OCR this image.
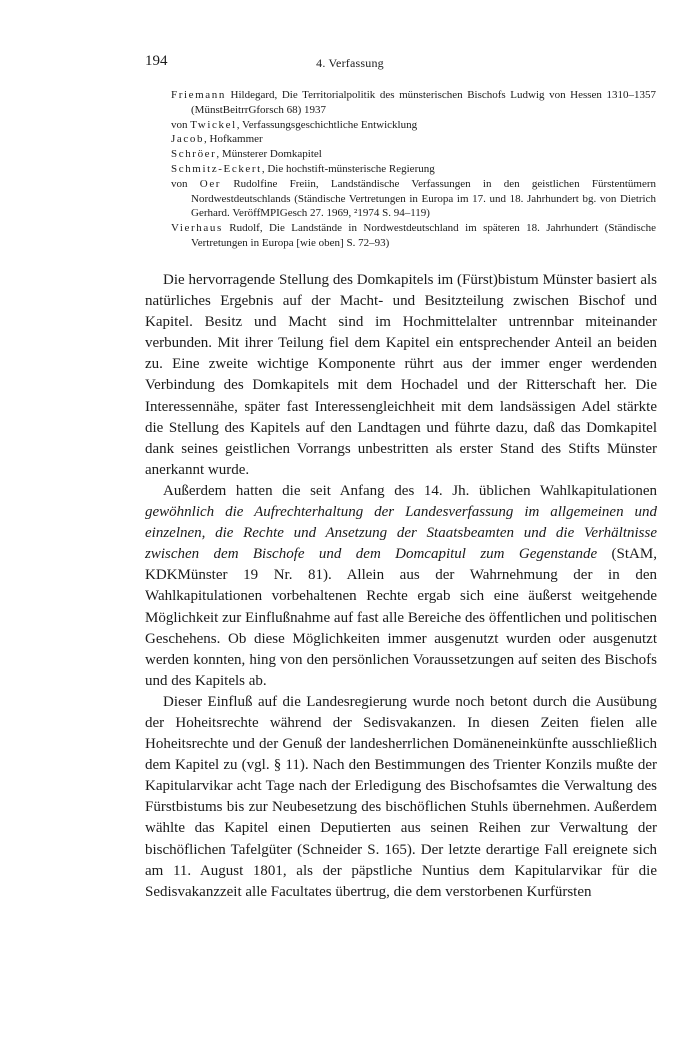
194	4. Verfassung

Friemann Hildegard, Die Territorialpolitik des münsterischen Bischofs Ludwig von Hessen 1310–1357 (MünstBeitrrGforsch 68) 1937

von Twickel, Verfassungsgeschichtliche Entwicklung

Jacob, Hofkammer

Schröer, Münsterer Domkapitel

Schmitz-Eckert, Die hochstift-münsterische Regierung

von Oer Rudolfine Freiin, Landständische Verfassungen in den geistlichen Fürstentümern Nordwestdeutschlands (Ständische Vertretungen in Europa im 17. und 18. Jahrhundert bg. von Dietrich Gerhard. VeröffMPIGesch 27. 1969, ²1974 S. 94–119)

Vierhaus Rudolf, Die Landstände in Nordwestdeutschland im späteren 18. Jahrhundert (Ständische Vertretungen in Europa [wie oben] S. 72–93)

Die hervorragende Stellung des Domkapitels im (Fürst)bistum Münster basiert als natürliches Ergebnis auf der Macht- und Besitzteilung zwischen Bischof und Kapitel. Besitz und Macht sind im Hochmittelalter untrennbar miteinander verbunden. Mit ihrer Teilung fiel dem Kapitel ein entsprechender Anteil an beiden zu. Eine zweite wichtige Komponente rührt aus der immer enger werdenden Verbindung des Domkapitels mit dem Hochadel und der Ritterschaft her. Die Interessennähe, später fast Interessengleichheit mit dem landsässigen Adel stärkte die Stellung des Kapitels auf den Landtagen und führte dazu, daß das Domkapitel dank seines geistlichen Vorrangs unbestritten als erster Stand des Stifts Münster anerkannt wurde.

Außerdem hatten die seit Anfang des 14. Jh. üblichen Wahlkapitulationen gewöhnlich die Aufrechterhaltung der Landesverfassung im allgemeinen und einzelnen, die Rechte und Ansetzung der Staatsbeamten und die Verhältnisse zwischen dem Bischofe und dem Domcapitul zum Gegenstande (StAM, KDKMünster 19 Nr. 81). Allein aus der Wahrnehmung der in den Wahlkapitulationen vorbehaltenen Rechte ergab sich eine äußerst weitgehende Möglichkeit zur Einflußnahme auf fast alle Bereiche des öffentlichen und politischen Geschehens. Ob diese Möglichkeiten immer ausgenutzt wurden oder ausgenutzt werden konnten, hing von den persönlichen Voraussetzungen auf seiten des Bischofs und des Kapitels ab.

Dieser Einfluß auf die Landesregierung wurde noch betont durch die Ausübung der Hoheitsrechte während der Sedisvakanzen. In diesen Zeiten fielen alle Hoheitsrechte und der Genuß der landesherrlichen Domäneneinkünfte ausschließlich dem Kapitel zu (vgl. § 11). Nach den Bestimmungen des Trienter Konzils mußte der Kapitularvikar acht Tage nach der Erledigung des Bischofsamtes die Verwaltung des Fürstbistums bis zur Neubesetzung des bischöflichen Stuhls übernehmen. Außerdem wählte das Kapitel einen Deputierten aus seinen Reihen zur Verwaltung der bischöflichen Tafelgüter (Schneider S. 165). Der letzte derartige Fall ereignete sich am 11. August 1801, als der päpstliche Nuntius dem Kapitularvikar für die Sedisvakanzzeit alle Facultates übertrug, die dem verstorbenen Kurfürsten
